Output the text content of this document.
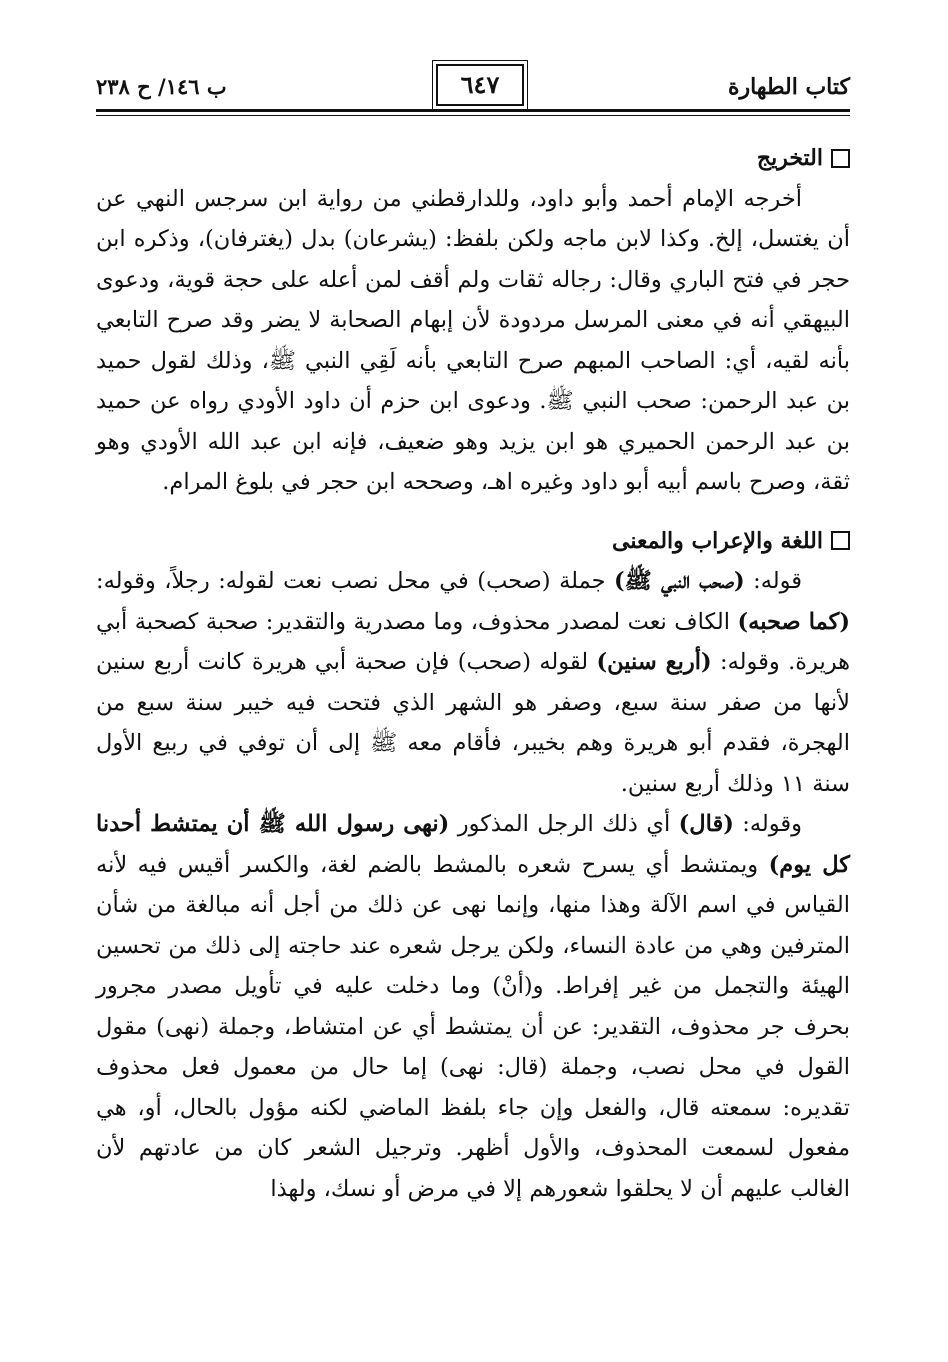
كتاب الطهارة
٦٤٧
ب ١٤٦/ ح ٢٣٨
التخريج

أخرجه الإمام أحمد وأبو داود، وللدارقطني من رواية ابن سرجس النهي عن أن يغتسل، إلخ. وكذا لابن ماجه ولكن بلفظ: (يشرعان) بدل (يغترفان)، وذكره ابن حجر في فتح الباري وقال: رجاله ثقات ولم أقف لمن أعله على حجة قوية، ودعوى البيهقي أنه في معنى المرسل مردودة لأن إبهام الصحابة لا يضر وقد صرح التابعي بأنه لقيه، أي: الصاحب المبهم صرح التابعي بأنه لَقِي النبي ﷺ، وذلك لقول حميد بن عبد الرحمن: صحب النبي ﷺ. ودعوى ابن حزم أن داود الأودي رواه عن حميد بن عبد الرحمن الحميري هو ابن يزيد وهو ضعيف، فإنه ابن عبد الله الأودي وهو ثقة، وصرح باسم أبيه أبو داود وغيره اهـ، وصححه ابن حجر في بلوغ المرام.

اللغة والإعراب والمعنى

قوله: (صحب النبي ﷺ) جملة (صحب) في محل نصب نعت لقوله: رجلاً، وقوله: (كما صحبه) الكاف نعت لمصدر محذوف، وما مصدرية والتقدير: صحبة كصحبة أبي هريرة. وقوله: (أربع سنين) لقوله (صحب) فإن صحبة أبي هريرة كانت أربع سنين لأنها من صفر سنة سبع، وصفر هو الشهر الذي فتحت فيه خيبر سنة سبع من الهجرة، فقدم أبو هريرة وهم بخيبر، فأقام معه ﷺ إلى أن توفي في ربيع الأول سنة ١١ وذلك أربع سنين.

وقوله: (قال) أي ذلك الرجل المذكور (نهى رسول الله ﷺ أن يمتشط أحدنا كل يوم) ويمتشط أي يسرح شعره بالمشط بالضم لغة، والكسر أقيس فيه لأنه القياس في اسم الآلة وهذا منها، وإنما نهى عن ذلك من أجل أنه مبالغة من شأن المترفين وهي من عادة النساء، ولكن يرجل شعره عند حاجته إلى ذلك من تحسين الهيئة والتجمل من غير إفراط. و(أنْ) وما دخلت عليه في تأويل مصدر مجرور بحرف جر محذوف، التقدير: عن أن يمتشط أي عن امتشاط، وجملة (نهى) مقول القول في محل نصب، وجملة (قال: نهى) إما حال من معمول فعل محذوف تقديره: سمعته قال، والفعل وإن جاء بلفظ الماضي لكنه مؤول بالحال، أو، هي مفعول لسمعت المحذوف، والأول أظهر. وترجيل الشعر كان من عادتهم لأن الغالب عليهم أن لا يحلقوا شعورهم إلا في مرض أو نسك، ولهذا
